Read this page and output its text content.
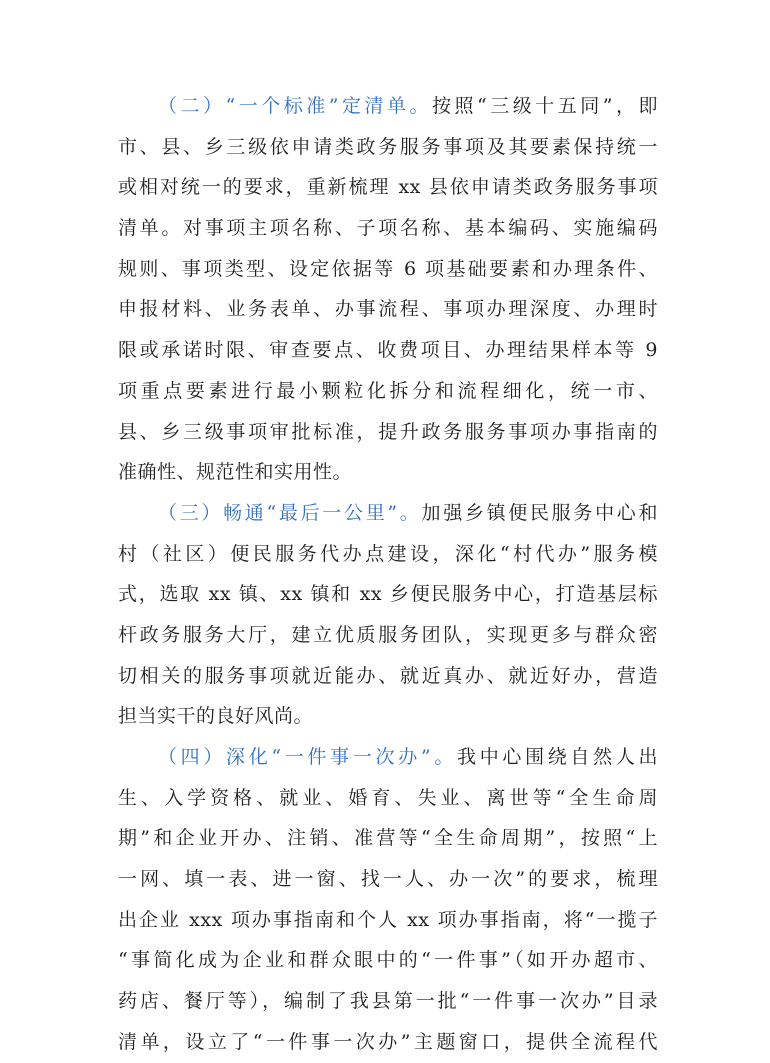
（二）“一个标准”定清单。按照“三级十五同”，即
市、县、乡三级依申请类政务服务事项及其要素保持统一
或相对统一的要求，重新梳理 xx 县依申请类政务服务事项
清单。对事项主项名称、子项名称、基本编码、实施编码
规则、事项类型、设定依据等 6 项基础要素和办理条件、
申报材料、业务表单、办事流程、事项办理深度、办理时
限或承诺时限、审查要点、收费项目、办理结果样本等 9
项重点要素进行最小颗粒化拆分和流程细化，统一市、
县、乡三级事项审批标准，提升政务服务事项办事指南的
准确性、规范性和实用性。
（三）畅通“最后一公里”。加强乡镇便民服务中心和
村（社区）便民服务代办点建设，深化“村代办”服务模
式，选取 xx 镇、xx 镇和 xx 乡便民服务中心，打造基层标
杆政务服务大厅，建立优质服务团队，实现更多与群众密
切相关的服务事项就近能办、就近真办、就近好办，营造
担当实干的良好风尚。
（四）深化“一件事一次办”。我中心围绕自然人出
生、入学资格、就业、婚育、失业、离世等“全生命周
期”和企业开办、注销、准营等“全生命周期”，按照“上
一网、填一表、进一窗、找一人、办一次”的要求，梳理
出企业 xxx 项办事指南和个人 xx 项办事指南，将“一揽子
“事简化成为企业和群众眼中的“一件事”（如开办超市、
药店、餐厅等），编制了我县第一批“一件事一次办”目录
清单，设立了“一件事一次办”主题窗口，提供全流程代
